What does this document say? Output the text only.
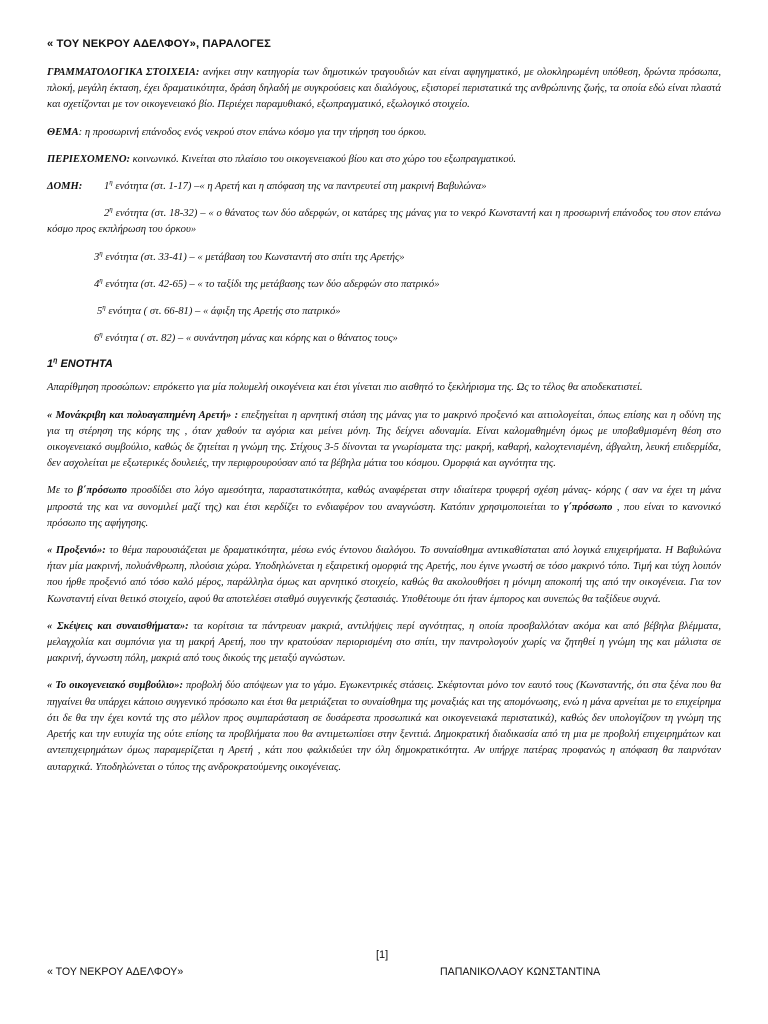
« ΤΟΥ ΝΕΚΡΟΥ ΑΔΕΛΦΟΥ», ΠΑΡΑΛΟΓΕΣ

ΓΡΑΜΜΑΤΟΛΟΓΙΚΑ ΣΤΟΙΧΕΙΑ: ανήκει στην κατηγορία των δημοτικών τραγουδιών και είναι αφηγηματικό, με ολοκληρωμένη υπόθεση, δρώντα πρόσωπα, πλοκή, μεγάλη έκταση, έχει δραματικότητα, δράση δηλαδή με συγκρούσεις και διαλόγους, εξιστορεί περιστατικά της ανθρώπινης ζωής, τα οποία εδώ είναι πλαστά και σχετίζονται με τον οικογενειακό βίο. Περιέχει παραμυθιακό, εξωπραγματικό, εξωλογικό στοιχείο.

ΘΕΜΑ: η προσωρινή επάνοδος ενός νεκρού στον επάνω κόσμο για την τήρηση του όρκου.

ΠΕΡΙΕΧΟΜΕΝΟ: κοινωνικό. Κινείται στο πλαίσιο του οικογενειακού βίου και στο χώρο του εξωπραγματικού.

ΔΟΜΗ: $1^\eta$ ενότητα (στ. 1-17) –« η Αρετή και η απόφαση της να παντρευτεί στη μακρινή Βαβυλώνα»

$2^\eta$ ενότητα (στ. 18-32) – « ο θάνατος των δύο αδερφών, οι κατάρες της μάνας για το νεκρό Κωνσταντή και η προσωρινή επάνοδος του στον επάνω κόσμο προς εκπλήρωση του όρκου»

$3^\eta$ ενότητα (στ. 33-41) – « μετάβαση του Κωνσταντή στο σπίτι της Αρετής»

$4^\eta$ ενότητα (στ. 42-65) – « το ταξίδι της μετάβασης των δύο αδερφών στο πατρικό»

$5^\eta$ ενότητα ( στ. 66-81) – « άφιξη της Αρετής στο πατρικό»

$6^\eta$ ενότητα ( στ. 82) – « συνάντηση μάνας και κόρης και ο θάνατος τους»

$1^\eta$ ΕΝΟΤΗΤΑ

Απαρίθμηση προσώπων: επρόκειτο για μία πολυμελή οικογένεια και έτσι γίνεται πιο αισθητό το ξεκλήρισμα της. Ως το τέλος θα αποδεκατιστεί.

« Μονάκριβη και πολυαγαπημένη Αρετή» : επεξηγείται η αρνητική στάση της μάνας για το μακρινό προξενιό και αιτιολογείται, όπως επίσης και η οδύνη της για τη στέρηση της κόρης της , όταν χαθούν τα αγόρια και μείνει μόνη. Της δείχνει αδυναμία. Είναι καλομαθημένη όμως με υποβαθμισμένη θέση στο οικογενειακό συμβούλιο, καθώς δε ζητείται η γνώμη της. Στίχους 3-5 δίνονται τα γνωρίσματα της: μακρή, καθαρή, καλοχτενισμένη, άβγαλτη, λευκή επιδερμίδα, δεν ασχολείται με εξωτερικές δουλειές, την περιφρουρούσαν από τα βέβηλα μάτια του κόσμου. Ομορφιά και αγνότητα της.

Με το β΄πρόσωπο προσδίδει στο λόγο αμεσότητα, παραστατικότητα, καθώς αναφέρεται στην ιδιαίτερα τρυφερή σχέση μάνας- κόρης ( σαν να έχει τη μάνα μπροστά της και να συνομιλεί μαζί της) και έτσι κερδίζει το ενδιαφέρον του αναγνώστη. Κατόπιν χρησιμοποιείται το γ΄πρόσωπο , που είναι το κανονικό πρόσωπο της αφήγησης.

« Προξενιό»: το θέμα παρουσιάζεται με δραματικότητα, μέσω ενός έντονου διαλόγου. Το συναίσθημα αντικαθίσταται από λογικά επιχειρήματα. Η Βαβυλώνα ήταν μία μακρινή, πολυάνθρωπη, πλούσια χώρα. Υποδηλώνεται η εξαιρετική ομορφιά της Αρετής, που έγινε γνωστή σε τόσο μακρινό τόπο. Τιμή και τύχη λοιπόν που ήρθε προξενιό από τόσο καλό μέρος, παράλληλα όμως και αρνητικό στοιχείο, καθώς θα ακολουθήσει η μόνιμη αποκοπή της από την οικογένεια. Για τον Κωνσταντή είναι θετικό στοιχείο, αφού θα αποτελέσει σταθμό συγγενικής ζεστασιάς. Υποθέτουμε ότι ήταν έμπορος και συνεπώς θα ταξίδευε συχνά.

« Σκέψεις και συναισθήματα»: τα κορίτσια τα πάντρευαν μακριά, αντιλήψεις περί αγνότητας, η οποία προσβαλλόταν ακόμα και από βέβηλα βλέμματα, μελαγχολία και συμπόνια για τη μακρή Αρετή, που την κρατούσαν περιορισμένη στο σπίτι, την παντρολογούν χωρίς να ζητηθεί η γνώμη της και μάλιστα σε μακρινή, άγνωστη πόλη, μακριά από τους δικούς της μεταξύ αγνώστων.

« Το οικογενειακό συμβούλιο»: προβολή δύο απόψεων για το γάμο. Εγωκεντρικές στάσεις. Σκέφτονται μόνο τον εαυτό τους (Κωνσταντής, ότι στα ξένα που θα πηγαίνει θα υπάρχει κάποιο συγγενικό πρόσωπο και έτσι θα μετριάζεται το συναίσθημα της μοναξιάς και της απομόνωσης, ενώ η μάνα αρνείται με το επιχείρημα ότι δε θα την έχει κοντά της στο μέλλον προς συμπαράσταση σε δυσάρεστα προσωπικά και οικογενειακά περιστατικά), καθώς δεν υπολογίζουν τη γνώμη της Αρετής και την ευτυχία της ούτε επίσης τα προβλήματα που θα αντιμετωπίσει στην ξενιτιά. Δημοκρατική διαδικασία από τη μια με προβολή επιχειρημάτων και αντεπιχειρημάτων όμως παραμερίζεται η Αρετή , κάτι που φαλκιδεύει την όλη δημοκρατικότητα. Αν υπήρχε πατέρας προφανώς η απόφαση θα παιρνόταν αυταρχικά. Υποδηλώνεται ο τύπος της ανδροκρατούμενης οικογένειας.

[1]
« ΤΟΥ ΝΕΚΡΟΥ ΑΔΕΛΦΟΥ»	ΠΑΠΑΝΙΚΟΛΑΟΥ ΚΩΝΣΤΑΝΤΙΝΑ
